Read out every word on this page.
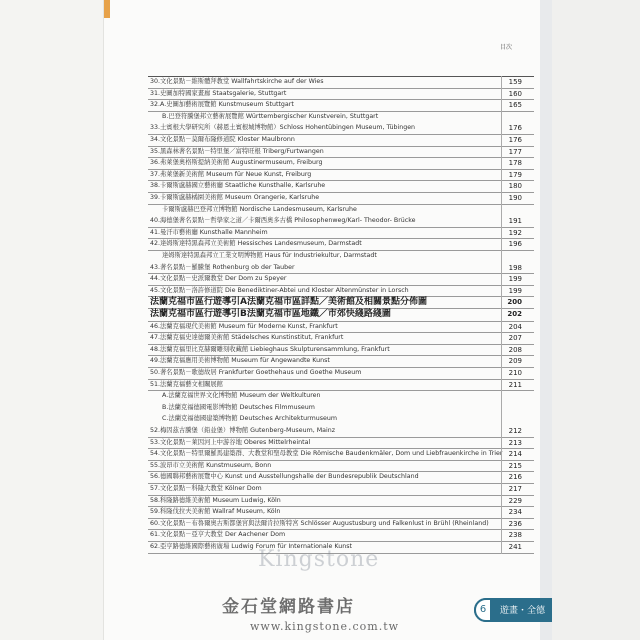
目次
30.文化景點－維斯體拜教堂 Wallfahrtskirche auf der Wies	159
31.史圖加特國家畫廊 Staatsgalerie, Stuttgart	160
32.A.史圖加藝術展覽館 Kunstmuseum Stuttgart	165
B.巴登符騰堡邦立藝術展覽館 Württembergischer Kunstverein, Stuttgart
33.土賓根大學研究所（赫恩土賓根城博物館）Schloss Hohentübingen Museum, Tübingen	176
34.文化景點－莫爾布隆修道院 Kloster Maulbronn	176
35.黑森林著名景點－特里堡／富特旺根 Triberg/Furtwangen	177
36.弗萊堡奧格斯提納美術館 Augustinermuseum, Freiburg	178
37.弗萊堡新美術館 Museum für Neue Kunst, Freiburg	179
38.卡爾斯盧赫國立藝術廳 Staatliche Kunsthalle, Karlsruhe	180
39.卡爾斯盧赫橘園美術館 Museum Orangerie, Karlsruhe	190
卡爾斯盧赫巴登邦立博物館 Nordische Landesmuseum, Karlsruhe
40.海德堡著名景點－哲學家之道／卡爾西奧多古橋 Philosophenweg/Karl- Theodor- Brücke	191
41.曼汗市藝術廳 Kunsthalle Mannheim	192
42.達姆斯達特黑森邦立美術館 Hessisches Landesmuseum, Darmstadt	196
達姆斯達特黑森邦立工業文明博物館 Haus für Industriekultur, Darmstadt
43.著名景點－羅騰堡 Rothenburg ob der Tauber	198
44.文化景點－史派爾教堂 Der Dom zu Speyer	199
45.文化景點－洛許修道院 Die Benediktiner-Abtei und Kloster Altenmünster in Lorsch	199
法蘭克福市區行遊導引A法蘭克福市區詳點／美術館及相關景點分佈圖	200
法蘭克福市區行遊導引B法蘭克福市區地鐵／市郊快綫路綫圖	202
46.法蘭克福現代美術館 Museum für Moderne Kunst, Frankfurt	204
47.法蘭克福史達德爾美術館 Städelsches Kunstinstitut, Frankfurt	207
48.法蘭克福里比克赫爾雕刻收藏館 Liebieghaus Skulpturensammlung, Frankfurt	208
49.法蘭克福應用美術博物館 Museum für Angewandte Kunst	209
50.著名景點－歌德故居 Frankfurter Goethehaus und Goethe Museum	210
51.法蘭克福藝文相關展館	211
A.法蘭克福世界文化博物館 Museum der Weltkulturen
B.法蘭克福德國電影博物館 Deutsches Filmmuseum
C.法蘭克福德國建築博物館 Deutsches Architekturmuseum
52.梅因茲古騰堡（鉛並堡）博物館 Gutenberg-Museum, Mainz	212
53.文化景點－萊因河上中游谷地 Oberes Mittelrheintal	213
54.文化景點－特里爾羅馬建築群、大教堂和聖母教堂 Die Römische Baudenkmäler, Dom und Liebfrauenkirche in Trier 214
55.波昂市立美術館 Kunstmuseum, Bonn	215
56.德國聯邦藝術展覽中心 Kunst und Ausstellungshalle der Bundesrepublik Deutschland	216
57.文化景點－科隆大教堂 Kölner Dom	217
58.科隆路德維美術館 Museum Ludwig, Köln	229
59.科隆伐拉夫美術館 Wallraf Museum, Köln	234
60.文化景點－布魯爾奧古斯都堡宮與法爾肯拉斯特宮 Schlösser Augustusburg und Falkenlust in Brühl (Rheinland)	236
61.文化景點－亞亨大教堂 Der Aachener Dom	238
62.亞亨路德維國際藝術廣場 Ludwig Forum für Internationale Kunst	241
Kingstone
金石堂網路書店
www.kingstone.com.tw
6	遊畫・全德
